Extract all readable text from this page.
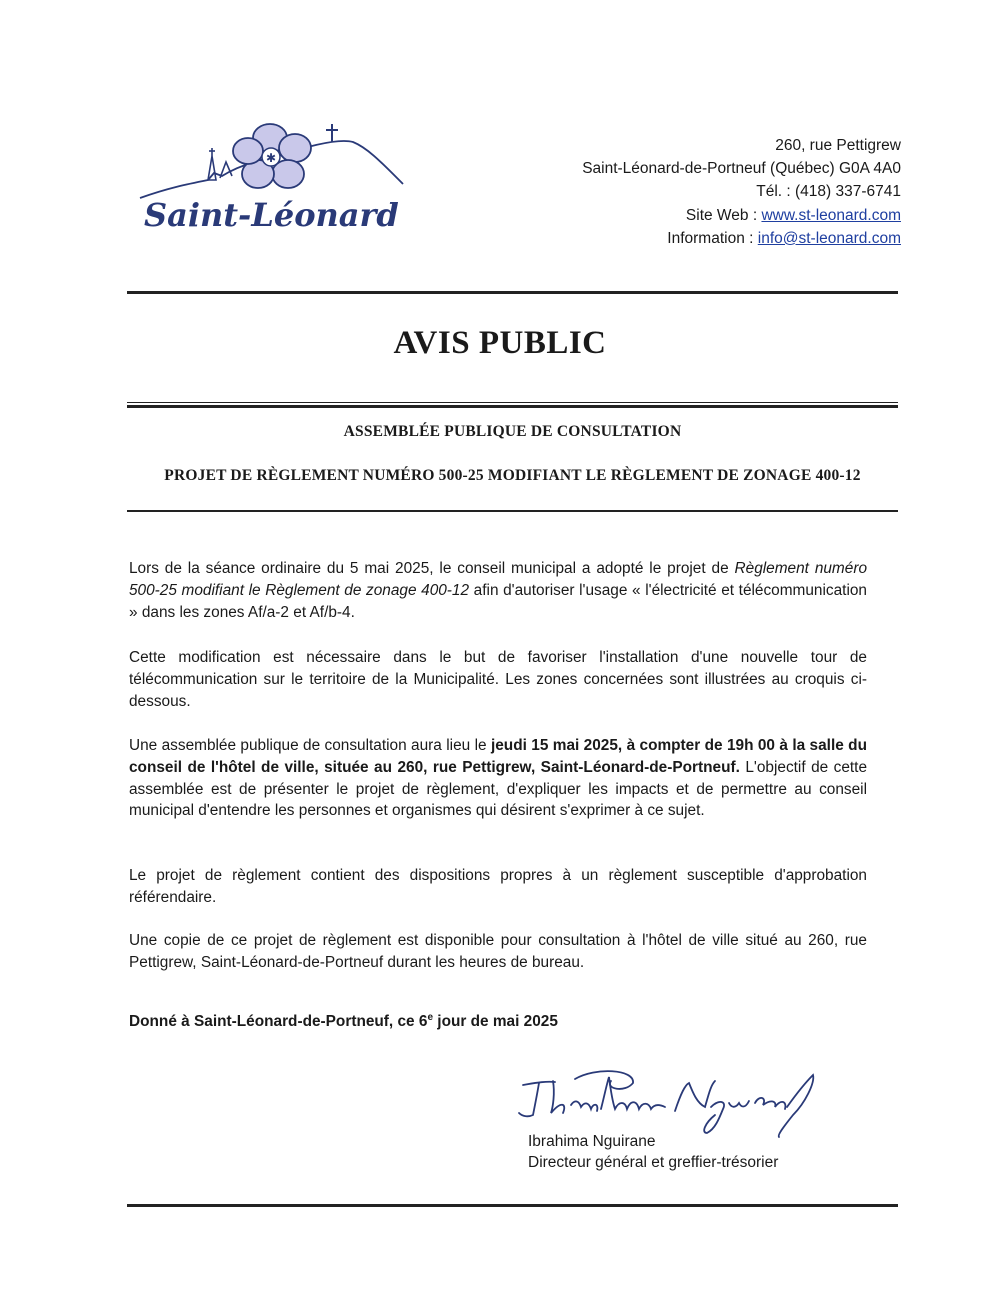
✱
Saint-Léonard
260, rue Pettigrew
Saint-Léonard-de-Portneuf (Québec) G0A 4A0
Tél. : (418) 337-6741
Site Web : www.st-leonard.com
Information : info@st-leonard.com
AVIS PUBLIC
ASSEMBLÉE PUBLIQUE DE CONSULTATION
PROJET DE RÈGLEMENT NUMÉRO 500-25 MODIFIANT LE RÈGLEMENT DE ZONAGE 400-12
Lors de la séance ordinaire du 5 mai 2025, le conseil municipal a adopté le projet de Règlement numéro 500-25 modifiant le Règlement de zonage 400-12 afin d'autoriser l'usage « l'électricité et télécommunication » dans les zones Af/a-2 et Af/b-4.
Cette modification est nécessaire dans le but de favoriser l'installation d'une nouvelle tour de télécommunication sur le territoire de la Municipalité. Les zones concernées sont illustrées au croquis ci-dessous.
Une assemblée publique de consultation aura lieu le jeudi 15 mai 2025, à compter de 19h 00 à la salle du conseil de l'hôtel de ville, située au 260, rue Pettigrew, Saint-Léonard-de-Portneuf. L'objectif de cette assemblée est de présenter le projet de règlement, d'expliquer les impacts et de permettre au conseil municipal d'entendre les personnes et organismes qui désirent s'exprimer à ce sujet.
Le projet de règlement contient des dispositions propres à un règlement susceptible d'approbation référendaire.
Une copie de ce projet de règlement est disponible pour consultation à l'hôtel de ville situé au 260, rue Pettigrew, Saint-Léonard-de-Portneuf durant les heures de bureau.
Donné à Saint-Léonard-de-Portneuf, ce 6e jour de mai 2025
Ibrahima Nguirane
Directeur général et greffier-trésorier
